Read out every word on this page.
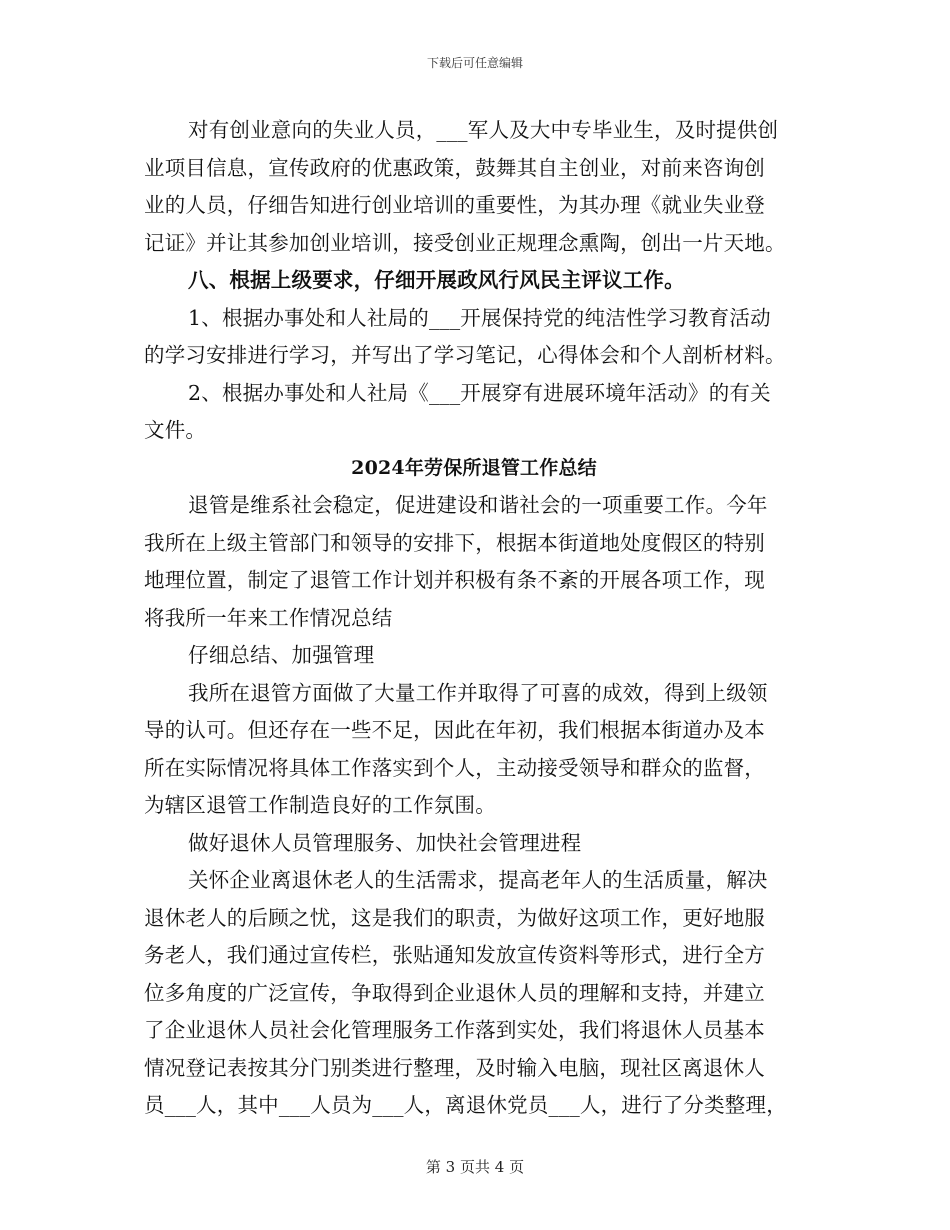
下载后可任意编辑
对有创业意向的失业人员，___军人及大中专毕业生，及时提供创
业项目信息，宣传政府的优惠政策，鼓舞其自主创业，对前来咨询创
业的人员，仔细告知进行创业培训的重要性，为其办理《就业失业登
记证》并让其参加创业培训，接受创业正规理念熏陶，创出一片天地。
八、根据上级要求，仔细开展政风行风民主评议工作。
1、根据办事处和人社局的___开展保持党的纯洁性学习教育活动
的学习安排进行学习，并写出了学习笔记，心得体会和个人剖析材料。
2、根据办事处和人社局《___开展穿有进展环境年活动》的有关
文件。
2024年劳保所退管工作总结
退管是维系社会稳定，促进建设和谐社会的一项重要工作。今年
我所在上级主管部门和领导的安排下，根据本街道地处度假区的特别
地理位置，制定了退管工作计划并积极有条不紊的开展各项工作，现
将我所一年来工作情况总结
仔细总结、加强管理
我所在退管方面做了大量工作并取得了可喜的成效，得到上级领
导的认可。但还存在一些不足，因此在年初，我们根据本街道办及本
所在实际情况将具体工作落实到个人，主动接受领导和群众的监督，
为辖区退管工作制造良好的工作氛围。
做好退休人员管理服务、加快社会管理进程
关怀企业离退休老人的生活需求，提高老年人的生活质量，解决
退休老人的后顾之忧，这是我们的职责，为做好这项工作，更好地服
务老人，我们通过宣传栏，张贴通知发放宣传资料等形式，进行全方
位多角度的广泛宣传，争取得到企业退休人员的理解和支持，并建立
了企业退休人员社会化管理服务工作落到实处，我们将退休人员基本
情况登记表按其分门别类进行整理，及时输入电脑，现社区离退休人
员___人，其中___人员为___人，离退休党员___人，进行了分类整理，
第 3 页共 4 页
